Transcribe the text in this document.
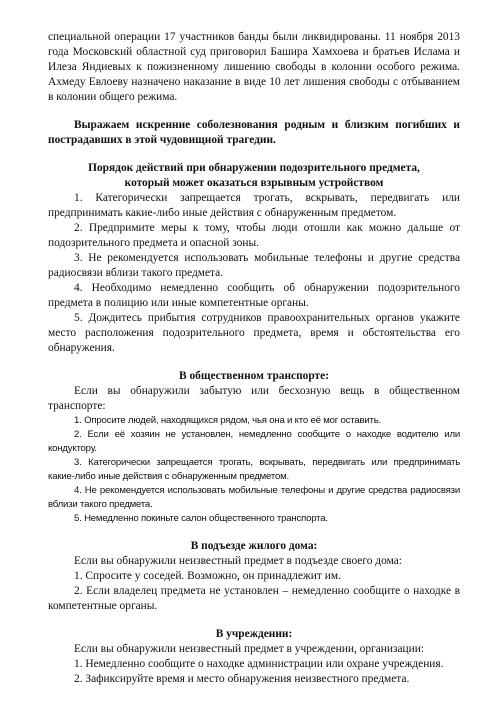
специальной операции 17 участников банды были ликвидированы. 11 ноября 2013 года Московский областной суд приговорил Башира Хамхоева и братьев Ислама и Илеза Яндиевых к пожизненному лишению свободы в колонии особого режима. Ахмеду Евлоеву назначено наказание в виде 10 лет лишения свободы с отбыванием в колонии общего режима.

Выражаем искренние соболезнования родным и близким погибших и пострадавших в этой чудовищной трагедии.

Порядок действий при обнаружении подозрительного предмета,

который может оказаться взрывным устройством

1. Категорически запрещается трогать, вскрывать, передвигать или предпринимать какие-либо иные действия с обнаруженным предметом.

2. Предпримите меры к тому, чтобы люди отошли как можно дальше от подозрительного предмета и опасной зоны.

3. Не рекомендуется использовать мобильные телефоны и другие средства радиосвязи вблизи такого предмета.

4. Необходимо немедленно сообщить об обнаружении подозрительного предмета в полицию или иные компетентные органы.

5. Дождитесь прибытия сотрудников правоохранительных органов укажите место расположения подозрительного предмета, время и обстоятельства его обнаружения.

В общественном транспорте:

Если вы обнаружили забытую или бесхозную вещь в общественном транспорте:

1. Опросите людей, находящихся рядом, чья она и кто её мог оставить.

2. Если её хозяин не установлен, немедленно сообщите о находке водителю или кондуктору.

3. Категорически запрещается трогать, вскрывать, передвигать или предпринимать какие-либо иные действия с обнаруженным предметом.

4. Не рекомендуется использовать мобильные телефоны и другие средства радиосвязи вблизи такого предмета.

5. Немедленно покиньте салон общественного транспорта.

В подъезде жилого дома:

Если вы обнаружили неизвестный предмет в подъезде своего дома:

1. Спросите у соседей. Возможно, он принадлежит им.

2. Если владелец предмета не установлен – немедленно сообщите о находке в компетентные органы.

В учреждении:

Если вы обнаружили неизвестный предмет в учреждении, организации:

1. Немедленно сообщите о находке администрации или охране учреждения.

2. Зафиксируйте время и место обнаружения неизвестного предмета.
